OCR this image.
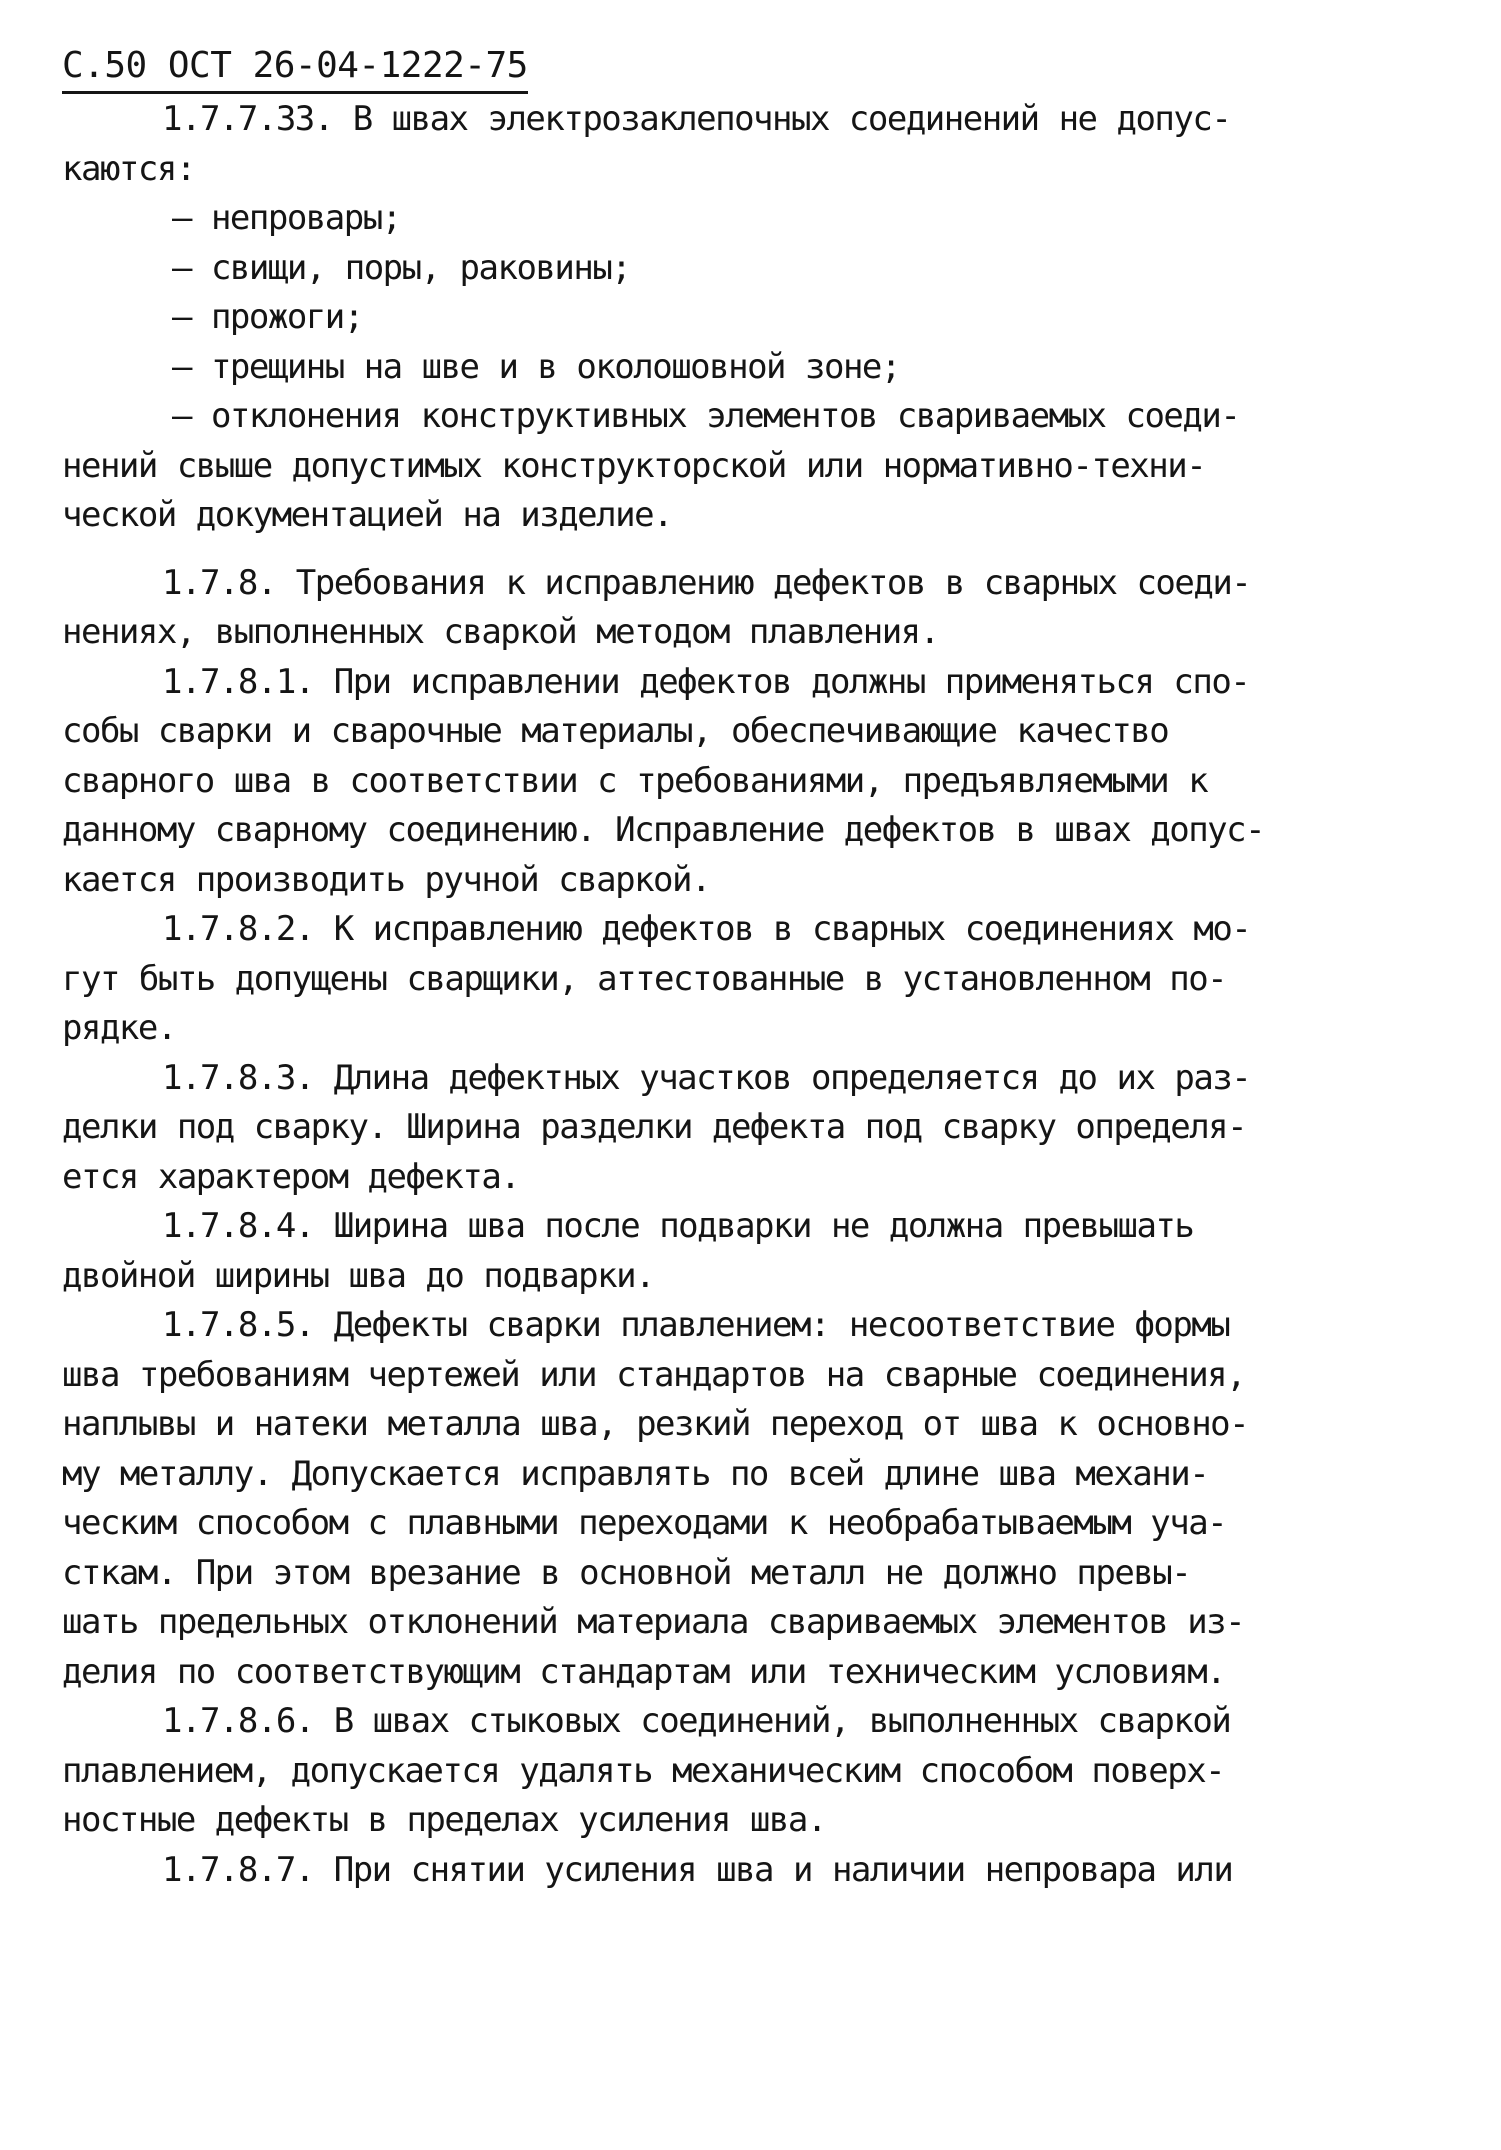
С.50 ОСТ 26-04-1222-75
1.7.7.33. В швах электрозаклепочных соединений не допус-
каются:
– непровары;
– свищи, поры, раковины;
– прожоги;
– трещины на шве и в околошовной зоне;
– отклонения конструктивных элементов свариваемых соеди-
нений свыше допустимых конструкторской или нормативно-техни-
ческой документацией на изделие.
1.7.8. Требования к исправлению дефектов в сварных соеди-
нениях, выполненных сваркой методом плавления.
1.7.8.1. При исправлении дефектов должны применяться спо-
собы сварки и сварочные материалы, обеспечивающие качество
сварного шва в соответствии с требованиями, предъявляемыми к
данному сварному соединению. Исправление дефектов в швах допус-
кается производить ручной сваркой.
1.7.8.2. К исправлению дефектов в сварных соединениях мо-
гут быть допущены сварщики, аттестованные в установленном по-
рядке.
1.7.8.3. Длина дефектных участков определяется до их раз-
делки под сварку. Ширина разделки дефекта под сварку определя-
ется характером дефекта.
1.7.8.4. Ширина шва после подварки не должна превышать
двойной ширины шва до подварки.
1.7.8.5. Дефекты сварки плавлением: несоответствие формы
шва требованиям чертежей или стандартов на сварные соединения,
наплывы и натеки металла шва, резкий переход от шва к основно-
му металлу. Допускается исправлять по всей длине шва механи-
ческим способом с плавными переходами к необрабатываемым уча-
сткам. При этом врезание в основной металл не должно превы-
шать предельных отклонений материала свариваемых элементов из-
делия по соответствующим стандартам или техническим условиям.
1.7.8.6. В швах стыковых соединений, выполненных сваркой
плавлением, допускается удалять механическим способом поверх-
ностные дефекты в пределах усиления шва.
1.7.8.7. При снятии усиления шва и наличии непровара или
